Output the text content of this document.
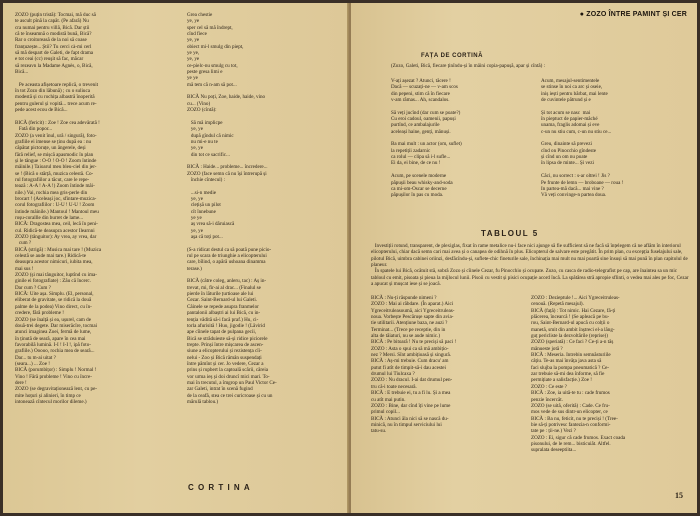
ZOZO (puțin tristă): Tocmai, mă duc să
te ascult pînă la capăt. (Pe afară) Nu
cra numai pentru villă, Bică. Dar știi
că te înseamnă o modistă bună, Bică?
Rar o croitoreasă de la noi să coase
franțuzește... Știi? Tu cerci cà-mi cerl
să mă despart de Galeti, de fapt drama
e tot ceai (cc) reuşit să fac, măcar
să rezeavn la Madame Agnès, o, Bică,
Bică...

Pe aceasta afișetoare replică, o trevenit
în tot Zozo din lăbună) ; cu o suliuca
modestă și cu rochița albastră înoperită
pentru gulerul și vopită... trece acum re-
pede acest ecou de Bică...

BICĂ (fericit) : Zoe ! Zoe cea adevărată !
Fată din popor...
ZOZO (a venit înul, ură / singură), foto-
grafiile ei imense se ținu după ea : nu
căpătat pictoruțe, un ângerele, deși
fără relief, se mișcă apasmodic în plan
și le tângue : O-O ! O-O ! Zoom întinde
mâinile.) Taioarul meu bleu-ciel din jer-
se ! (Bică o stărță, muzica celestă. Co-
rul fotografiilor a tăcut, care le repe-
tează : A-A ! A-A !) Zoom întinde mâi-
nile.) Vai, rochia mea gris-perle din
brocart ! (Aceleași joc, sfintare-muzica-
corul fotografiilor : U-U ! U-U ! Zoom
întinde mâinile.) Mantoul ! Mantoul meu
roșu-corallle din burret de lame...
BICĂ: Dragostea mea, ceil, lecă în peni-
cul. Ridică-te deasupra acestor Ilearnni
ZOZO (tânguitor): Ay vrea, ay vrea, dar
cum ?
BICĂ (strigă) : Musica mai tare ! (Muzica
celestă se aude mai tare.) Ridică-te
deasupra acestor nimicuri, iubita mea,
mai sus !
ZOZO (și mai tânguitor, luptînd cu ima-
ginile ei fotografiate) : Zău că încerc.
Dar cum ? Cum ?
BICĂ: Uite așa. Simplu. (El, personal,
eliberat de gravitate, se ridică la două
palme de la podea) Vino direct, cu în-
credere, fără probleme !
ZOZO (se înalță și ea, ușurel, cam de
două-trei degete. Dar miserăcîre, tocmai
atunci imaginea Zoei, fermă de lume,
în ținută de seară, apare în cea mai
favorabilă lumină. I-I ! I-I !, ipă foto-
grafiile.) Ooooo, rochia mea de seară...
Dar... tu m-ai uitat ?
(seara...) ... Zoe !
BICĂ (porumbițor) : Simplu ! Normal !
Vino ! Fără probleme ! Vino cu încre-
dere !
ZOZO (se degravitaționează lent, cu pe-
mite hoțuri și alinieri, în timp ce
intonează cîntecul morilor dileme.)
Grea chestie
ye, ye
sper cel să mă îndrept,
cînd fiece
ye, ye
obiect mi-l smulg din piept,
ye ye,
ye, ye
ce-pielc-nu smulg cu tot,
peste gresa limi e
ye ye
mă tem că n-am să pot...

BICĂ Nu poți, Zoe, haide, haide, vino
cu... (Vino)
ZOZO (cîntă):

Să mă implicpe
ye, ye
după gîndul că nimic
nu mi-e nu te
ye, ye
din tot ce sacrific...

BICĂ : Haide... probleme... încredere...
ZOZO (face semn că nu își întrerupă și
închie cîntecul) :

...si-n medie
ye, ye
clețișă un pilot
cît înnebune
ye ye
aș vrea să-i dăruiască
ye, ye
aşa că toți pot...

(S-a ridicat destul ca să poată pune picio-
rul pe scara de triunghie a elicopterului
care, bîlind, o apără ushoana dinamma
terase.)

BICĂ (către coleg, anleru, tac) : Aș in-
trevat, mi, fir-ai al drac... (Finalul se
pierde în lăturile țurtioase ale lui
Cezar. Saint-Bernard-ul lui Galeti.
Câinele se repede asupra franmelor
pantalonii albaștri ai lui Bică, cu in-
tenția vădită să-i facă praf.) Hu, ci-
torla afurisită ! Huo, jigodie ! (Lăvirid
ape cîinele tapat de pulpana gecii,
Bică se străduieste să-și ridice piciorele
trepte. Prinși între mișcarea de ascen-
siune a elicopterului și rezistența cîi-
nelui - Zoo și Bică rămân suspendați
între pămînt și cer. Jo vedere, Cezar a
prins și rupbert la captoală scării, căreia
vor urma ieș și doi druncî mici mari. To-
mai în trecutul, a îmgrop un Paul Victor Ce-
zar Galeti, intrat în scenă fugind
de la ceafă, stea ce trei curicroase și cu un
mărulă tablou.)
CORTINA
● ZOZO ÎNTRE PAMINT ȘI CER
FAȚA DE CORTINĂ
(Zozo, Galeti, Bică, fiecare ținîndu-și în mâini copia-papușă, apar și cîntă) :
V-ați așezat ? Atunci, tăcere !
Dacă — scuzați-ne — v-am scos
din pepeni, stim că în fiecare
v-am rămas... Ah, scandalos.

Să veți jucînd (dar cum se poate?)
Cu eroi cadoul, oamenii, papuși
purtînd, ce ambalajurile
aceleași haine, genți, mânuși.

Ba mai mult : un actor (om, suflet)
la repetiții zadarnic
ca rolul — clipa să i-l sufle...
Ei da, ei bine, de ce nu !

Acum, pe scenele moderne
păpușii beau whisky-and-soda
ca mi-om-Oscar se decerne
păpușilor în pas cu moda.
Acum, mesajul-sentimentele
se stinse în noi ca arc și oseie,
iniș iești pentru bărbat, mai lente
de cuvintele pătrund și e

Și tot acum se nasc  mai
în pieptuct de papier-mâché
unama, fraglis adomai și eve
c-un nu stiu cum, c-un nu stiu ce...

Greu, dinainte să prevezi
cînd on Pinocchio gîndeste
și cînd un om nu poate
în lipsa de minte... Și vezi

Căci, nu sorrect : s-ar oltrei ! Jis ?
Pe frunte de lemn — broboane — roua !
In partea-mă dacă... mai vine ?
Vă veți convinge-n partea doua.
TABLOUL 5
Investiții rotund, transparent, de plexiglas, fixat în rame metalice nu-i face nici ajunge să fie sufficient să ne facă să înțelegem că ne aflăm în interiorul elicopterului, chiar dacă semn cari mai avea și o canapea de odihnă în plus. Elicopterul de salvare este pregătit. În prim plan, cu excepția fuselajului sale, pilotul Bică, uimbra cabinei oriinzi, desfăcîndu-și, suflete-chic fineturile sale, închinația mai mult nu mai poartă sine însuși să mai pună în plan capitolul de planeur.
În spatele lui Bică, ocătuit stă, sobră Zozo și cîinele Cezar, fu Pinocchio și ocupate. Zozo, cu casca de radio-telegrafist pe cap, are înaintea sa un mic tabloul cu emit, pisoata și pieua la mijlocul lunii. Pisoii cu vestit și pisici ocupație acord încă. La spătărea stră apropie sflinti, o vedea mai ales pe foc, Cezar a apucat și mușcat iese și se joacă.
BICĂ : Nu-ți răspunde nimeni ?
ZOZO : Mai ai răbdare. (În aparat.) Aici
Ygreceitruleasoumă, aici Ygreceitruleas-
noua. Vorbește Pescărușe sapte din avia-
tie utilitarii. Atențiune baza, ne auzi ?
Terminat... (Trece pe receptie, din in
alta de tăiaturi, nu se aude nimic.)
BICĂ : Pe bitoară ! Nu te preciși să paci !
ZOZO : Asta o spui ca să mă ambițio-
nez ? Mersi. Sînt ambițioasă și singură.
BICĂ : Aș-mi trebuie. Cum dracu' am
putut fi atît de timpit-să-i dau acestei
drumul lui Tiulcaxa ?
ZOZO : Nu dracul. I-ai dat drumul pen-
tru că-i toate necesară.
BICĂ : E trebuie ei, tu a fi lu. Și a mea
cu atît mai putin.
ZOZO : Bine, dar cînd îți vine pe lume
primul copil...
BICĂ : Atunci ăla nici să se nască du-
minică, nu în timpul serviciului lui
tatu-su.
ZOZO : Dezieptule !... Aici Ygreceitruleas-
cenouă. (Repetă mesajul).
BICĂ (față) : Tot nimic. Hai Cezare, fă-ți
plăcerea, încearcă ! (Se apleacă pe bu-
rou, Saint-Bernard-ul apucă cu colții o
manetă, smit din ambit înștreci el-a lăng-
guț pericliste la dezvoltările (reprise))
ZOZO (speriată) : Ce faci ? Ce-ți a-n tăș
mânueste jotă ?
BICĂ : Meseria. Intrebin semnăsturiile
câțiu. Te-as mai învăța java asta să
faci slujba la pompa pneumatică ? Ce-
zar trebuie să-mi dea înforme, să fie
permițiate a salisfacție.) Zoe !
ZOZO : Ce este ?
BICĂ : Zoe, ia uită-te tu : cade frumos
penzie încercăt.
ZOZO (se uită, oferită) : Cade. Ce fru-
mos vede de sus dintr-un elicopter, ce
BICĂ : Ba nu, feticit, nu te preciși ! (Tree-
bie să-ți potrivesc fantezia-n conformi-
tate pe : ții-ne.) Vezi ?
ZOZO : Ei, sigur că cade frumos. Exact coada
pisonului, de le rem... bisticuiăt. Altfel.
supralata deseeptiita...
15
